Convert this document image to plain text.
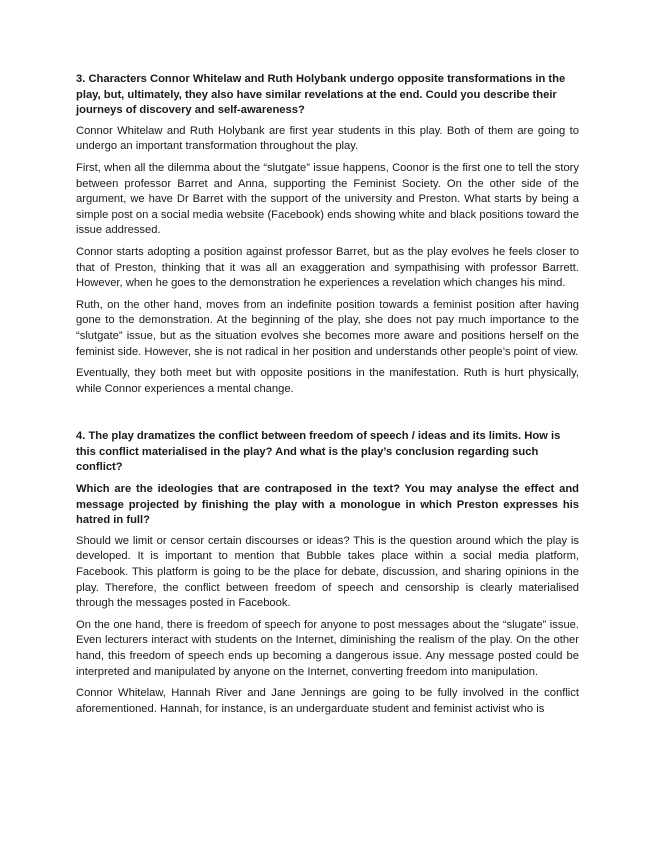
3. Characters Connor Whitelaw and Ruth Holybank undergo opposite transformations in the play, but, ultimately, they also have similar revelations at the end. Could you describe their journeys of discovery and self-awareness?

Connor Whitelaw and Ruth Holybank are first year students in this play. Both of them are going to undergo an important transformation throughout the play.

First, when all the dilemma about the “slutgate” issue happens, Coonor is the first one to tell the story between professor Barret and Anna, supporting the Feminist Society. On the other side of the argument, we have Dr Barret with the support of the university and Preston. What starts by being a simple post on a social media website (Facebook) ends showing white and black positions toward the issue addressed.

Connor starts adopting a position against professor Barret, but as the play evolves he feels closer to that of Preston, thinking that it was all an exaggeration and sympathising with professor Barrett. However, when he goes to the demonstration he experiences a revelation which changes his mind.

Ruth, on the other hand, moves from an indefinite position towards a feminist position after having gone to the demonstration. At the beginning of the play, she does not pay much importance to the “slutgate” issue, but as the situation evolves she becomes more aware and positions herself on the feminist side. However, she is not radical in her position and understands other people’s point of view.

Eventually, they both meet but with opposite positions in the manifestation. Ruth is hurt physically, while Connor experiences a mental change.

4. The play dramatizes the conflict between freedom of speech / ideas and its limits. How is this conflict materialised in the play? And what is the play’s conclusion regarding such conflict?

Which are the ideologies that are contraposed in the text? You may analyse the effect and message projected by finishing the play with a monologue in which Preston expresses his hatred in full?

Should we limit or censor certain discourses or ideas? This is the question around which the play is developed. It is important to mention that Bubble takes place within a social media platform, Facebook. This platform is going to be the place for debate, discussion, and sharing opinions in the play. Therefore, the conflict between freedom of speech and censorship is clearly materialised through the messages posted in Facebook.

On the one hand, there is freedom of speech for anyone to post messages about the “slugate” issue. Even lecturers interact with students on the Internet, diminishing the realism of the play. On the other hand, this freedom of speech ends up becoming a dangerous issue. Any message posted could be interpreted and manipulated by anyone on the Internet, converting freedom into manipulation.

Connor Whitelaw, Hannah River and Jane Jennings are going to be fully involved in the conflict aforementioned. Hannah, for instance, is an undergarduate student and feminist activist who is
